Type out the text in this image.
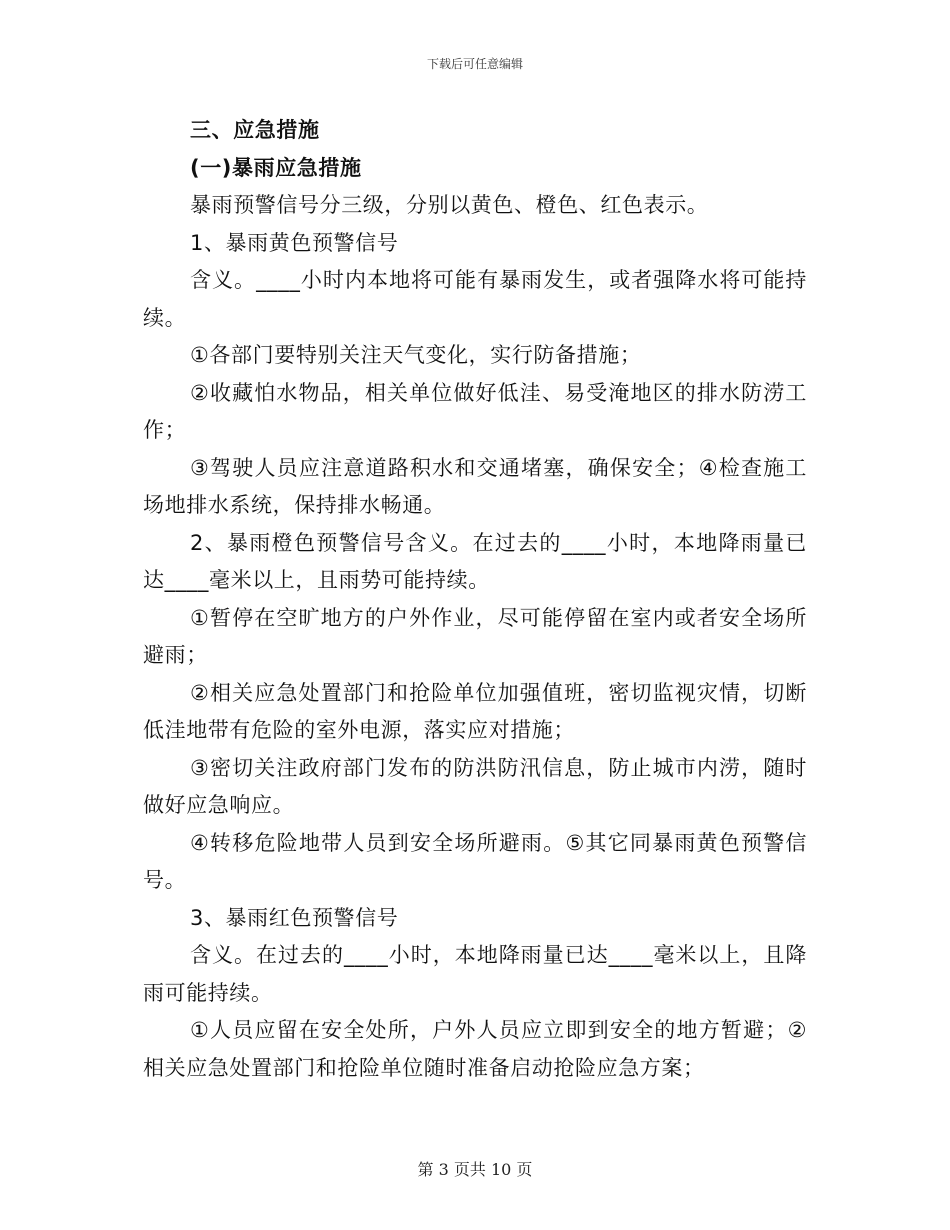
下载后可任意编辑

三、应急措施

(一)暴雨应急措施

暴雨预警信号分三级，分别以黄色、橙色、红色表示。

1、暴雨黄色预警信号

含义。____小时内本地将可能有暴雨发生，或者强降水将可能持续。

①各部门要特别关注天气变化，实行防备措施；

②收藏怕水物品，相关单位做好低洼、易受淹地区的排水防涝工作；

③驾驶人员应注意道路积水和交通堵塞，确保安全；④检查施工场地排水系统，保持排水畅通。

2、暴雨橙色预警信号含义。在过去的____小时，本地降雨量已达____毫米以上，且雨势可能持续。

①暂停在空旷地方的户外作业，尽可能停留在室内或者安全场所避雨；

②相关应急处置部门和抢险单位加强值班，密切监视灾情，切断低洼地带有危险的室外电源，落实应对措施；

③密切关注政府部门发布的防洪防汛信息，防止城市内涝，随时做好应急响应。

④转移危险地带人员到安全场所避雨。⑤其它同暴雨黄色预警信号。

3、暴雨红色预警信号

含义。在过去的____小时，本地降雨量已达____毫米以上，且降雨可能持续。

①人员应留在安全处所，户外人员应立即到安全的地方暂避；②相关应急处置部门和抢险单位随时准备启动抢险应急方案；

第 3 页共 10 页
